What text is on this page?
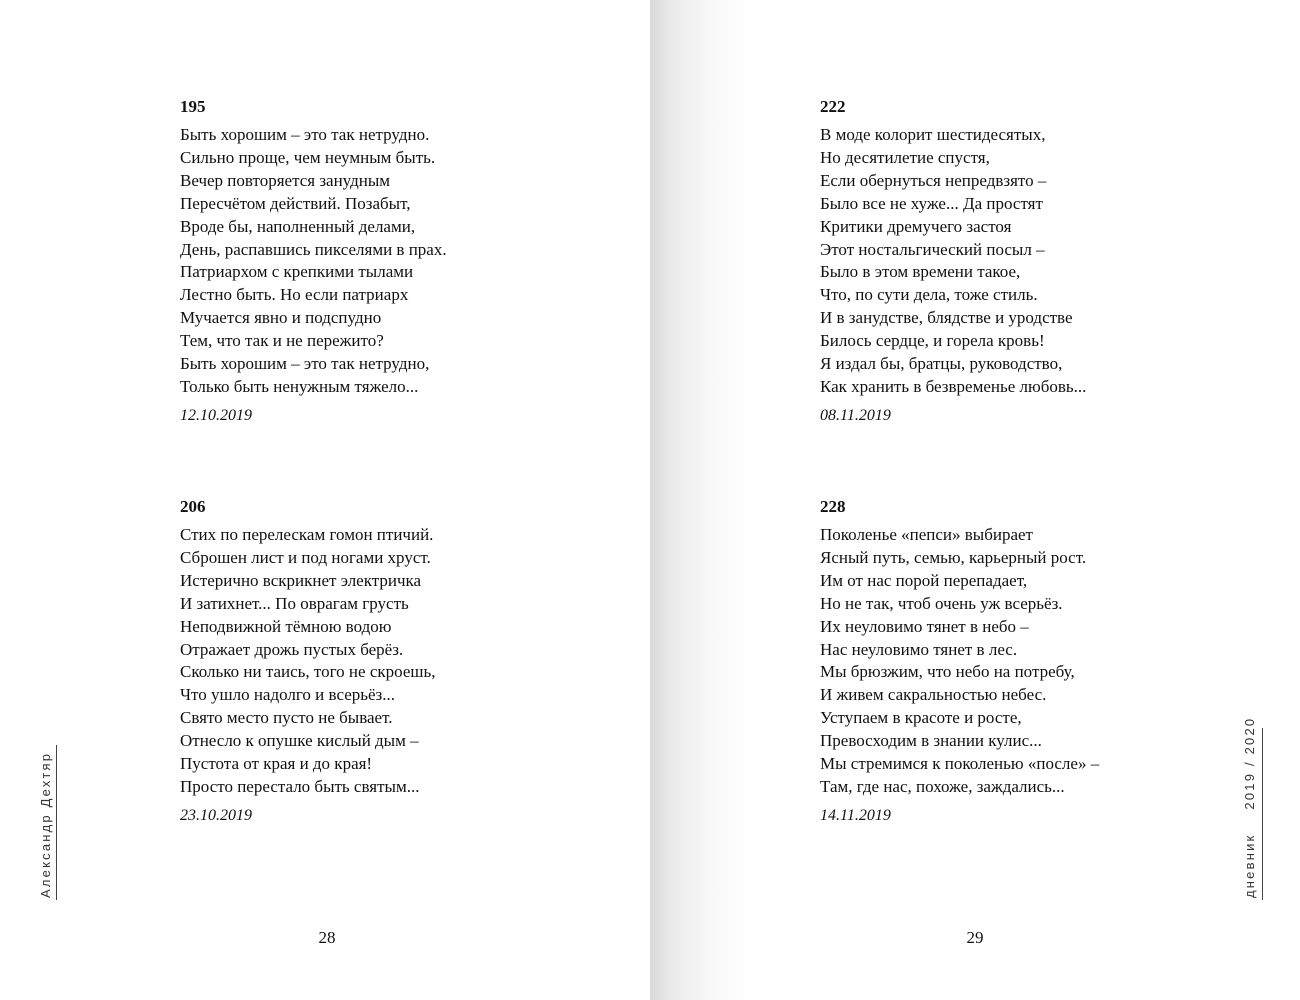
195
Быть хорошим – это так нетрудно.
Сильно проще, чем неумным быть.
Вечер повторяется занудным
Пересчётом действий. Позабыт,
Вроде бы, наполненный делами,
День, распавшись пикселями в прах.
Патриархом с крепкими тылами
Лестно быть. Но если патриарх
Мучается явно и подспудно
Тем, что так и не пережито?
Быть хорошим – это так нетрудно,
Только быть ненужным тяжело...
12.10.2019
206
Стих по перелескам гомон птичий.
Сброшен лист и под ногами хруст.
Истерично вскрикнет электричка
И затихнет... По оврагам грусть
Неподвижной тёмною водою
Отражает дрожь пустых берёз.
Сколько ни таись, того не скроешь,
Что ушло надолго и всерьёз...
Свято место пусто не бывает.
Отнесло к опушке кислый дым –
Пустота от края и до края!
Просто перестало быть святым...
23.10.2019
Александр Дехтяр
28
222
В моде колорит шестидесятых,
Но десятилетие спустя,
Если обернуться непредвзято –
Было все не хуже... Да простят
Критики дремучего застоя
Этот ностальгический посыл –
Было в этом времени такое,
Что, по сути дела, тоже стиль.
И в занудстве, блядстве и уродстве
Билось сердце, и горела кровь!
Я издал бы, братцы, руководство,
Как хранить в безвременье любовь...
08.11.2019
228
Поколенье «пепси» выбирает
Ясный путь, семью, карьерный рост.
Им от нас порой перепадает,
Но не так, чтоб очень уж всерьёз.
Их неуловимо тянет в небо –
Нас неуловимо тянет в лес.
Мы брюзжим, что небо на потребу,
И живем сакральностью небес.
Уступаем в красоте и росте,
Превосходим в знании кулис...
Мы стремимся к поколенью «после» –
Там, где нас, похоже, заждались...
14.11.2019
дневник2019 / 2020
29
